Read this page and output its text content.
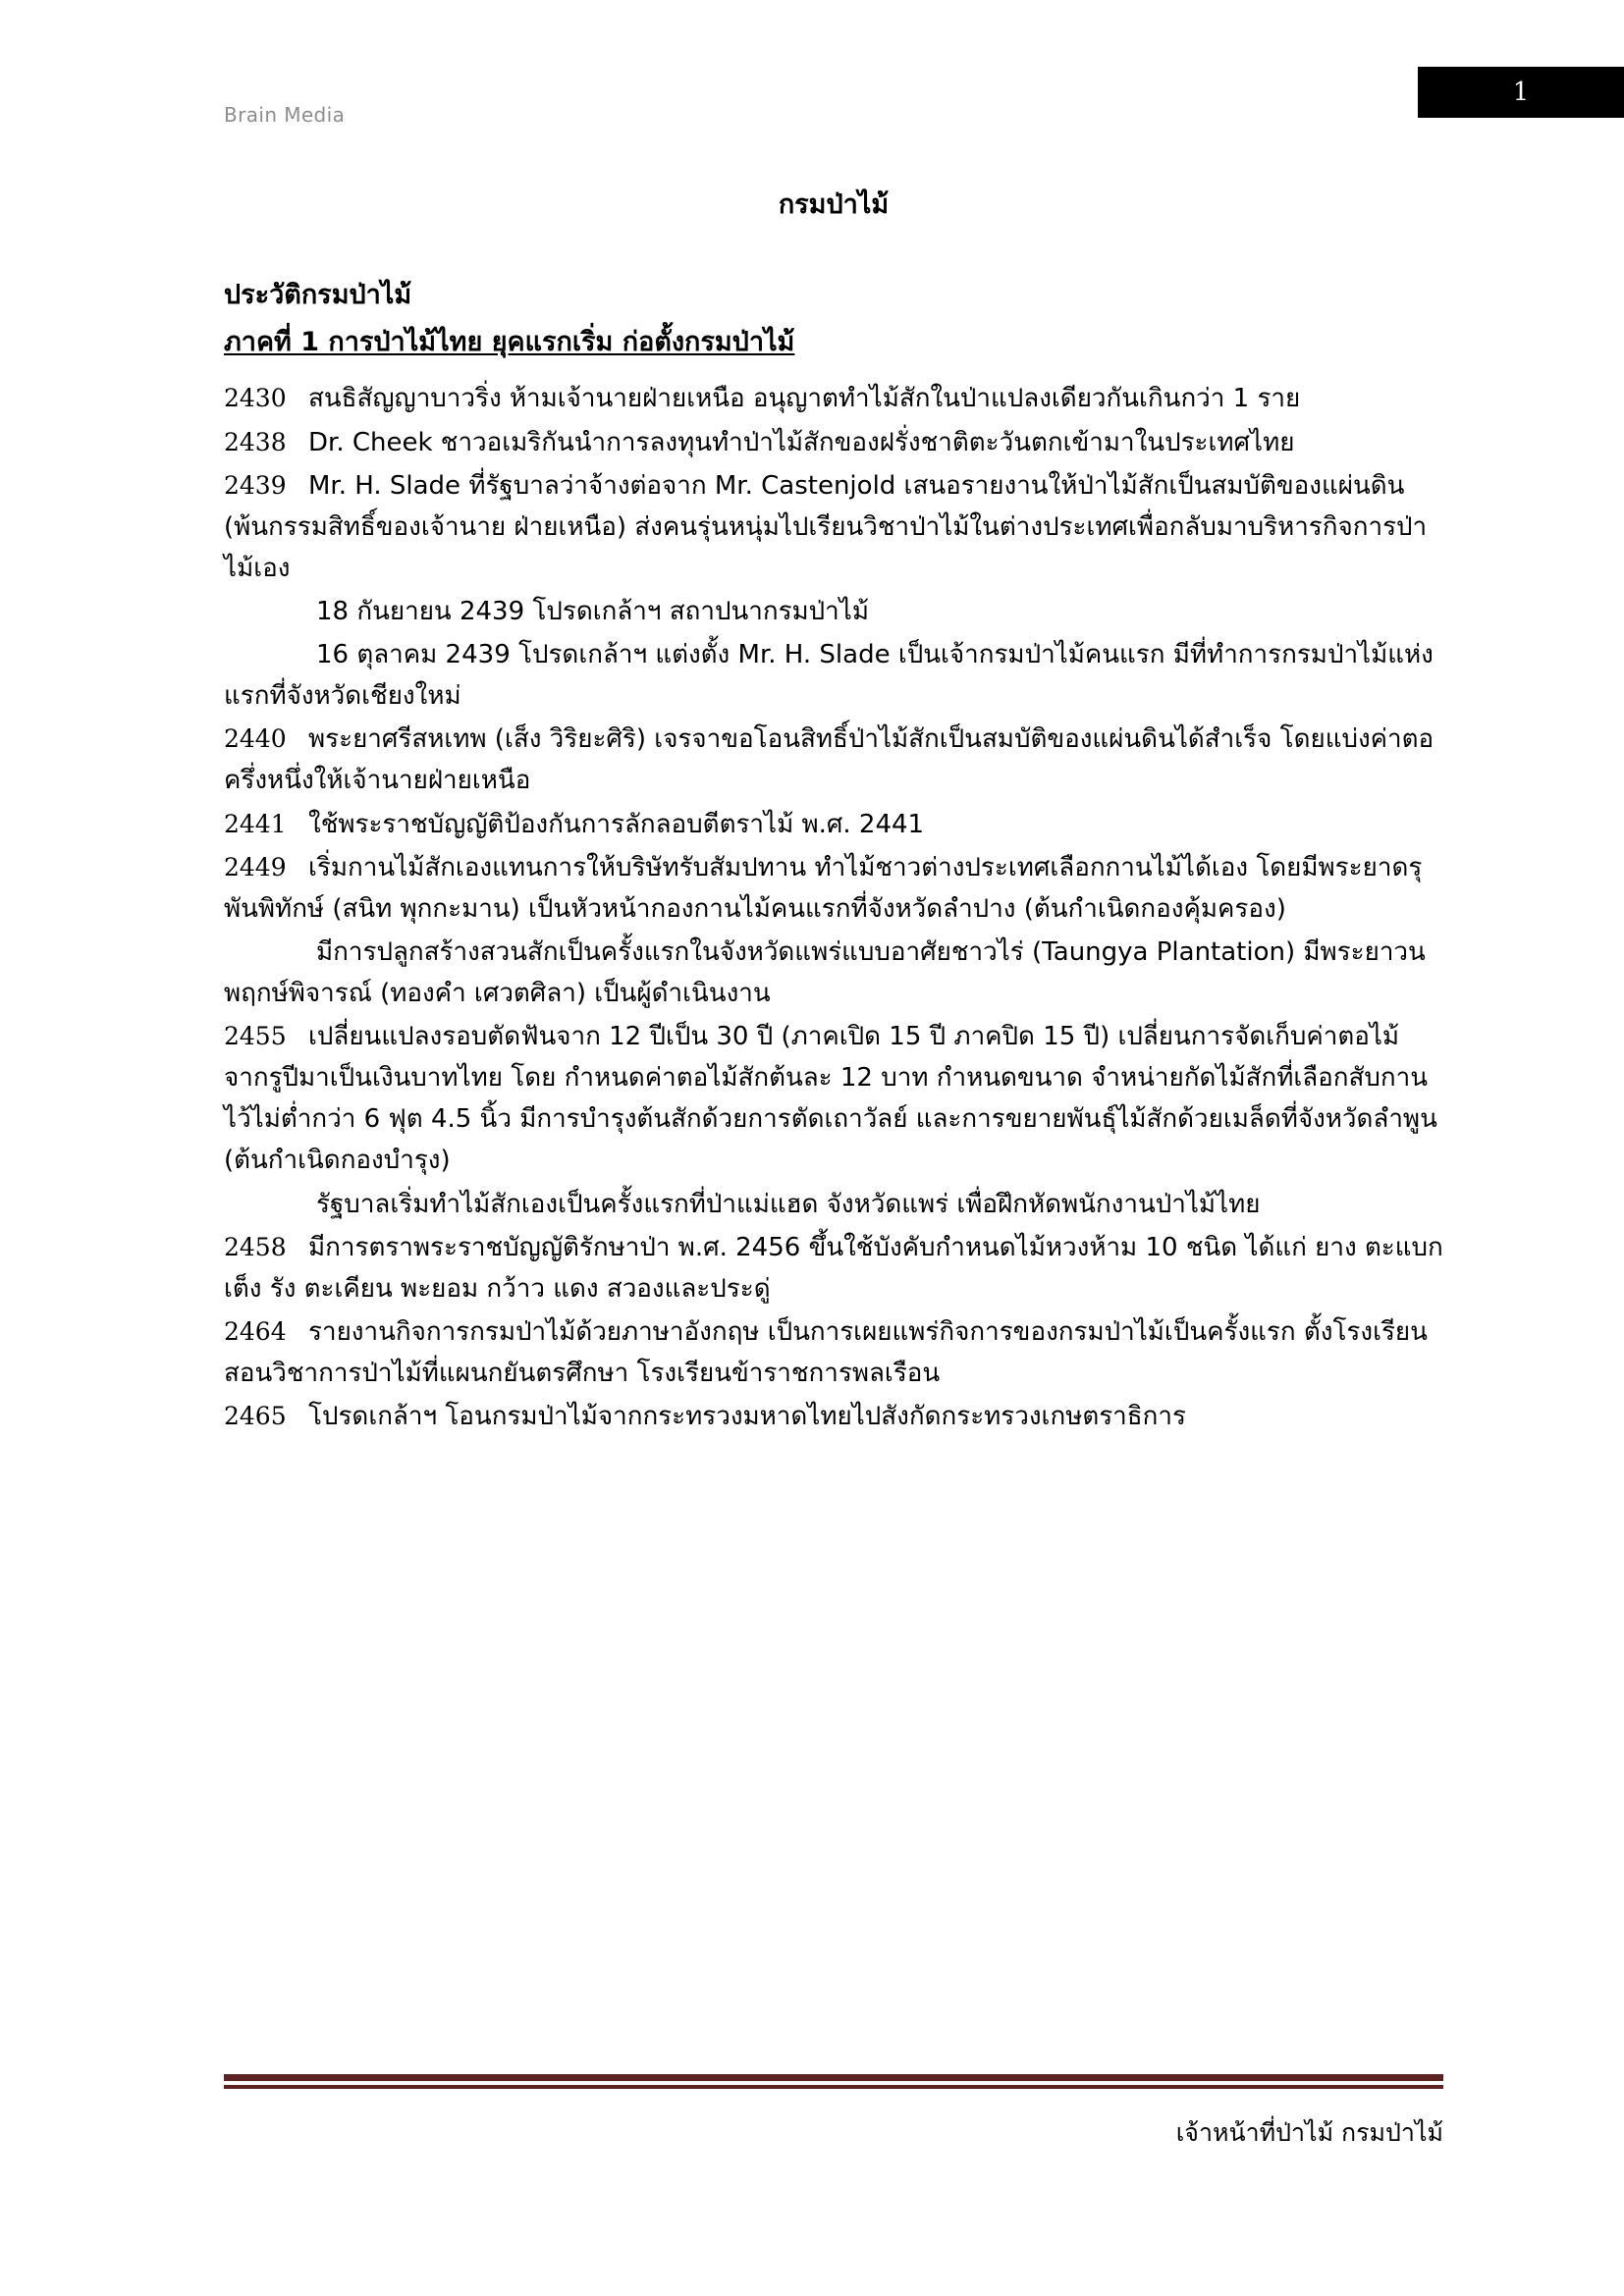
Brain Media
1
กรมป่าไม้
ประวัติกรมป่าไม้
ภาคที่ 1 การป่าไม้ไทย ยุคแรกเริ่ม ก่อตั้งกรมป่าไม้
2430 สนธิสัญญาบาวริ่ง ห้ามเจ้านายฝ่ายเหนือ อนุญาตทำไม้สักในป่าแปลงเดียวกันเกินกว่า 1 ราย
2438 Dr. Cheek ชาวอเมริกันนำการลงทุนทำป่าไม้สักของฝรั่งชาติตะวันตกเข้ามาในประเทศไทย
2439 Mr. H. Slade ที่รัฐบาลว่าจ้างต่อจาก Mr. Castenjold เสนอรายงานให้ป่าไม้สักเป็นสมบัติของแผ่นดิน (พ้นกรรมสิทธิ์ของเจ้านาย ฝ่ายเหนือ) ส่งคนรุ่นหนุ่มไปเรียนวิชาป่าไม้ในต่างประเทศเพื่อกลับมาบริหารกิจการป่าไม้เอง
18 กันยายน 2439 โปรดเกล้าฯ สถาปนากรมป่าไม้
16 ตุลาคม 2439 โปรดเกล้าฯ แต่งตั้ง Mr. H. Slade เป็นเจ้ากรมป่าไม้คนแรก มีที่ทำการกรมป่าไม้แห่งแรกที่จังหวัดเชียงใหม่
2440 พระยาศรีสหเทพ (เส็ง วิริยะศิริ) เจรจาขอโอนสิทธิ์ป่าไม้สักเป็นสมบัติของแผ่นดินได้สำเร็จ โดยแบ่งค่าตอครึ่งหนึ่งให้เจ้านายฝ่ายเหนือ
2441 ใช้พระราชบัญญัติป้องกันการลักลอบตีตราไม้ พ.ศ. 2441
2449 เริ่มกานไม้สักเองแทนการให้บริษัทรับสัมปทาน ทำไม้ชาวต่างประเทศเลือกกานไม้ได้เอง โดยมีพระยาดรุพันพิทักษ์ (สนิท พุกกะมาน) เป็นหัวหน้ากองกานไม้คนแรกที่จังหวัดลำปาง (ต้นกำเนิดกองคุ้มครอง)
มีการปลูกสร้างสวนสักเป็นครั้งแรกในจังหวัดแพร่แบบอาศัยชาวไร่ (Taungya Plantation) มีพระยาวนพฤกษ์พิจารณ์ (ทองคำ เศวตศิลา) เป็นผู้ดำเนินงาน
2455 เปลี่ยนแปลงรอบตัดฟันจาก 12 ปีเป็น 30 ปี (ภาคเปิด 15 ปี ภาคปิด 15 ปี) เปลี่ยนการจัดเก็บค่าตอไม้จากรูปีมาเป็นเงินบาทไทย โดย กำหนดค่าตอไม้สักต้นละ 12 บาท กำหนดขนาด จำหน่ายกัดไม้สักที่เลือกสับกานไว้ไม่ต่ำกว่า 6 ฟุต 4.5 นิ้ว มีการบำรุงต้นสักด้วยการตัดเถาวัลย์ และการขยายพันธุ์ไม้สักด้วยเมล็ดที่จังหวัดลำพูน (ต้นกำเนิดกองบำรุง)
รัฐบาลเริ่มทำไม้สักเองเป็นครั้งแรกที่ป่าแม่แฮด จังหวัดแพร่ เพื่อฝึกหัดพนักงานป่าไม้ไทย
2458 มีการตราพระราชบัญญัติรักษาป่า พ.ศ. 2456 ขึ้นใช้บังคับกำหนดไม้หวงห้าม 10 ชนิด ได้แก่ ยาง ตะแบก เต็ง รัง ตะเคียน พะยอม กว้าว แดง สวองและประดู่
2464 รายงานกิจการกรมป่าไม้ด้วยภาษาอังกฤษ เป็นการเผยแพร่กิจการของกรมป่าไม้เป็นครั้งแรก ตั้งโรงเรียนสอนวิชาการป่าไม้ที่แผนกยันตรศึกษา โรงเรียนข้าราชการพลเรือน
2465 โปรดเกล้าฯ โอนกรมป่าไม้จากกระทรวงมหาดไทยไปสังกัดกระทรวงเกษตราธิการ
เจ้าหน้าที่ป่าไม้ กรมป่าไม้
